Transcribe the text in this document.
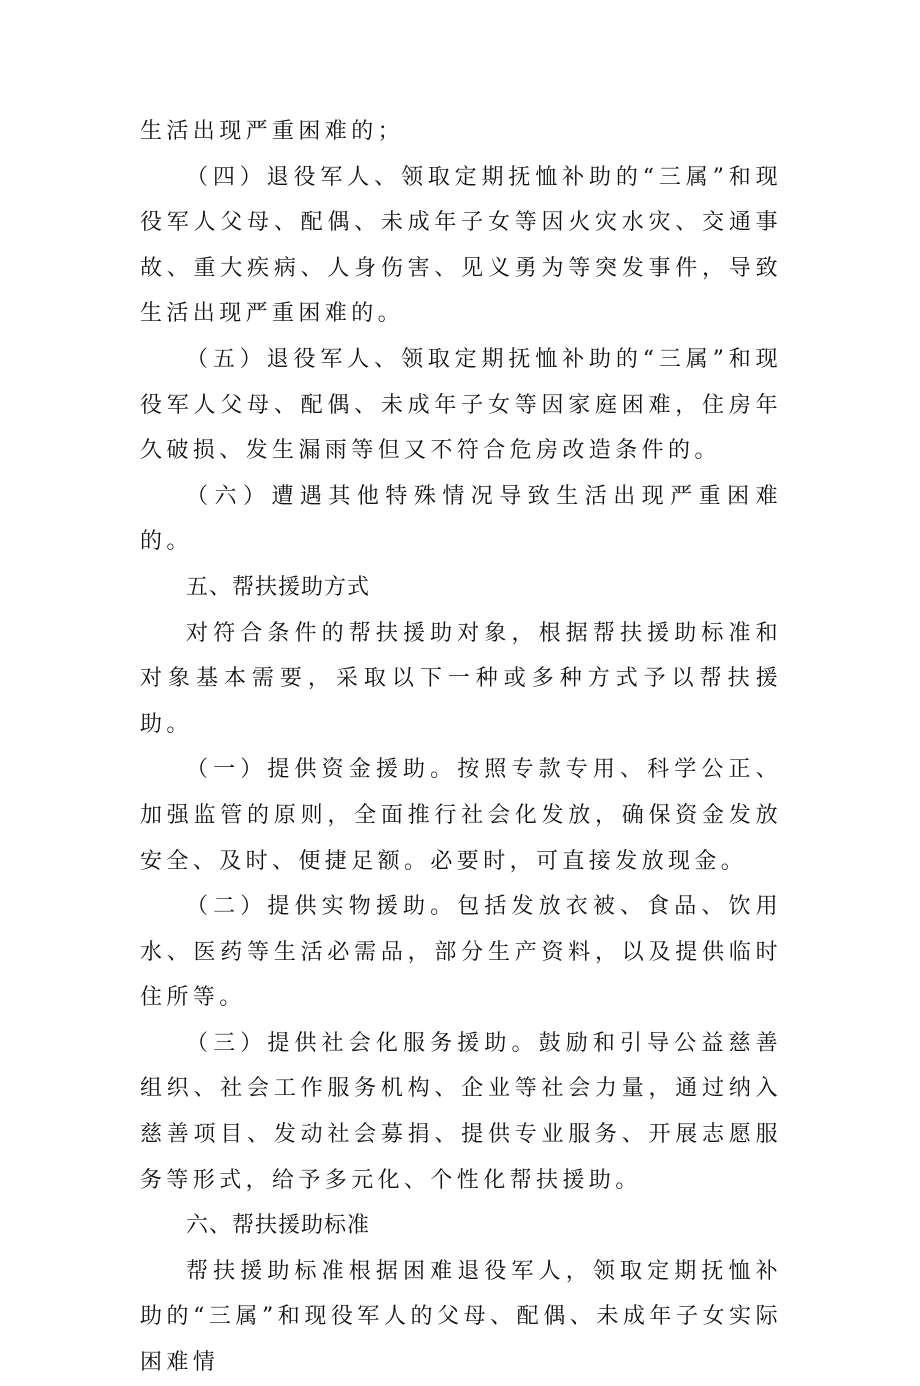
生活出现严重困难的；

（四）退役军人、领取定期抚恤补助的“三属”和现役军人父母、配偶、未成年子女等因火灾水灾、交通事故、重大疾病、人身伤害、见义勇为等突发事件，导致生活出现严重困难的。

（五）退役军人、领取定期抚恤补助的“三属”和现役军人父母、配偶、未成年子女等因家庭困难，住房年久破损、发生漏雨等但又不符合危房改造条件的。

（六）遭遇其他特殊情况导致生活出现严重困难的。

五、帮扶援助方式

对符合条件的帮扶援助对象，根据帮扶援助标准和对象基本需要，采取以下一种或多种方式予以帮扶援助。

（一）提供资金援助。按照专款专用、科学公正、加强监管的原则，全面推行社会化发放，确保资金发放安全、及时、便捷足额。必要时，可直接发放现金。

（二）提供实物援助。包括发放衣被、食品、饮用水、医药等生活必需品，部分生产资料，以及提供临时住所等。

（三）提供社会化服务援助。鼓励和引导公益慈善组织、社会工作服务机构、企业等社会力量，通过纳入慈善项目、发动社会募捐、提供专业服务、开展志愿服务等形式，给予多元化、个性化帮扶援助。

六、帮扶援助标准

帮扶援助标准根据困难退役军人，领取定期抚恤补助的“三属”和现役军人的父母、配偶、未成年子女实际困难情
